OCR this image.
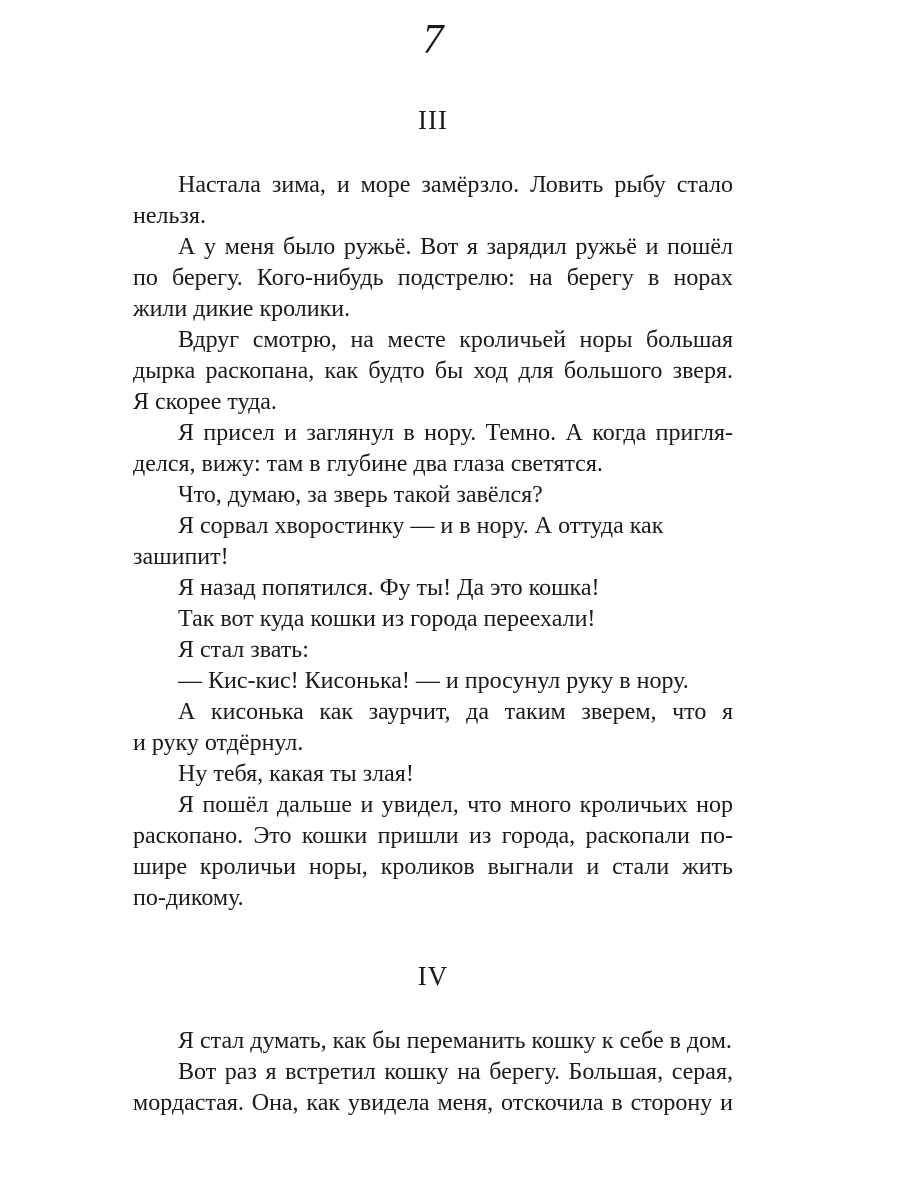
III
Настала зима, и море замёрзло. Ловить рыбу стало
нельзя.
А у меня было ружьё. Вот я зарядил ружьё и пошёл
по берегу. Кого-нибудь подстрелю: на берегу в норах
жили дикие кролики.
Вдруг смотрю, на месте кроличьей норы большая
дырка раскопана, как будто бы ход для большого зверя.
Я скорее туда.
Я присел и заглянул в нору. Темно. А когда пригля-
делся, вижу: там в глубине два глаза светятся.
Что, думаю, за зверь такой завёлся?
Я сорвал хворостинку — и в нору. А оттуда как зашипит!
Я назад попятился. Фу ты! Да это кошка!
Так вот куда кошки из города переехали!
Я стал звать:
— Кис-кис! Кисонька! — и просунул руку в нору.
А кисонька как заурчит, да таким зверем, что я
и руку отдёрнул.
Ну тебя, какая ты злая!
Я пошёл дальше и увидел, что много кроличьих нор
раскопано. Это кошки пришли из города, раскопали по-
шире кроличьи норы, кроликов выгнали и стали жить
по-дикому.
IV
Я стал думать, как бы переманить кошку к себе в дом.
Вот раз я встретил кошку на берегу. Большая, серая,
мордастая. Она, как увидела меня, отскочила в сторону и
7
